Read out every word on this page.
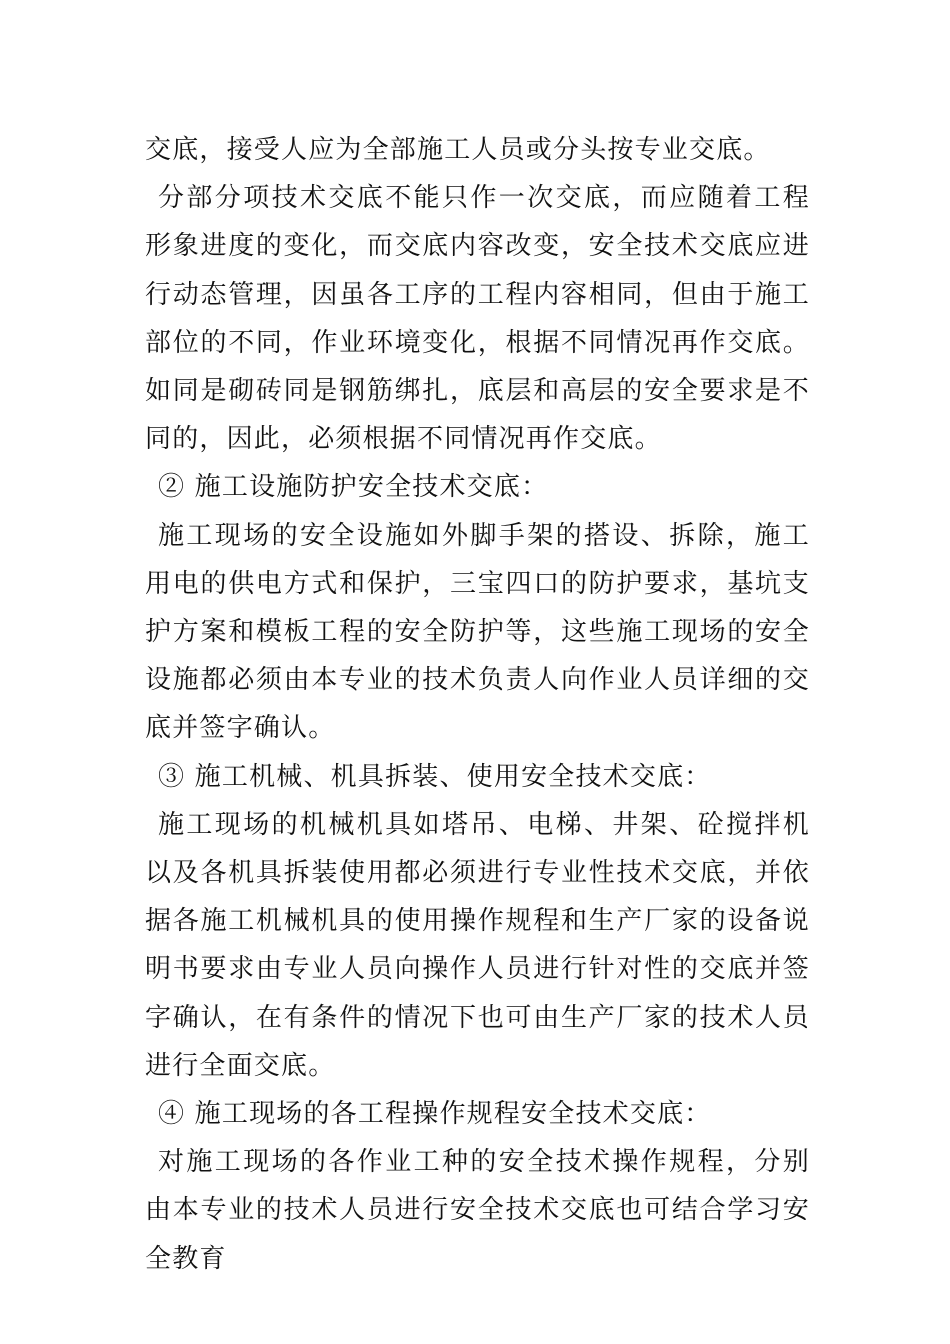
交底，接受人应为全部施工人员或分头按专业交底。

分部分项技术交底不能只作一次交底，而应随着工程形象进度的变化，而交底内容改变，安全技术交底应进行动态管理，因虽各工序的工程内容相同，但由于施工部位的不同，作业环境变化，根据不同情况再作交底。如同是砌砖同是钢筋绑扎，底层和高层的安全要求是不同的，因此，必须根据不同情况再作交底。

② 施工设施防护安全技术交底：

施工现场的安全设施如外脚手架的搭设、拆除，施工用电的供电方式和保护，三宝四口的防护要求，基坑支护方案和模板工程的安全防护等，这些施工现场的安全设施都必须由本专业的技术负责人向作业人员详细的交底并签字确认。

③ 施工机械、机具拆装、使用安全技术交底：

施工现场的机械机具如塔吊、电梯、井架、砼搅拌机以及各机具拆装使用都必须进行专业性技术交底，并依据各施工机械机具的使用操作规程和生产厂家的设备说明书要求由专业人员向操作人员进行针对性的交底并签字确认，在有条件的情况下也可由生产厂家的技术人员进行全面交底。

④ 施工现场的各工程操作规程安全技术交底：

对施工现场的各作业工种的安全技术操作规程，分别由本专业的技术人员进行安全技术交底也可结合学习安全教育
